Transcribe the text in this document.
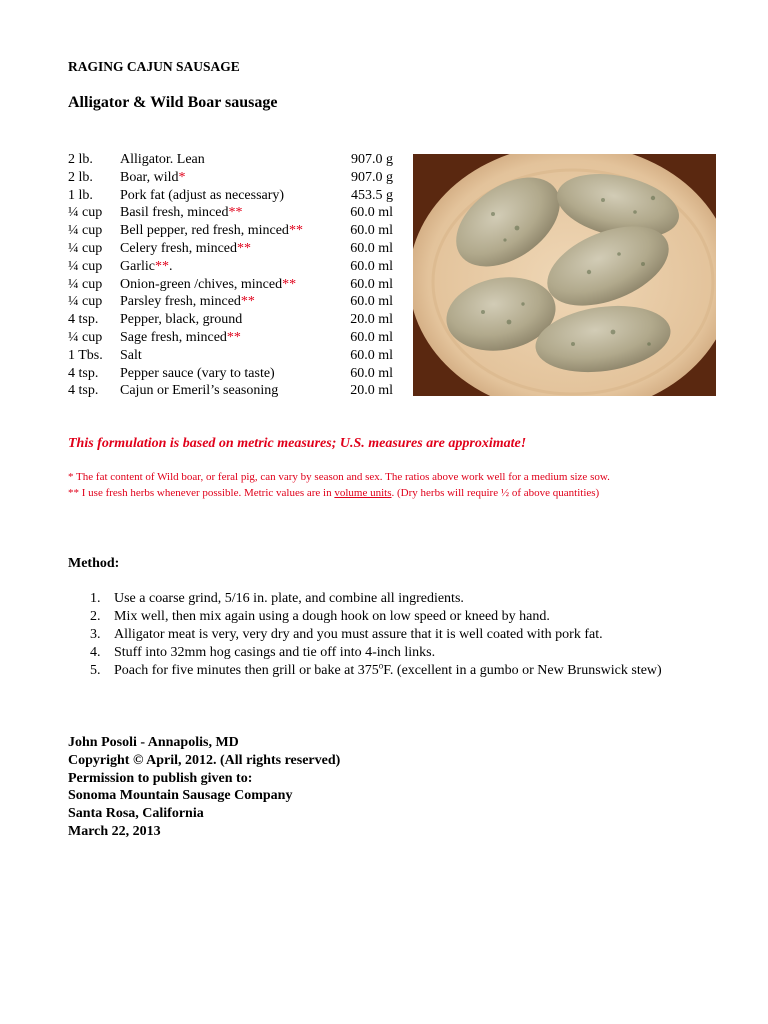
RAGING CAJUN SAUSAGE
Alligator & Wild Boar sausage
2 lb. Alligator. Lean	907.0 g
2 lb. Boar, wild*	907.0 g
1 lb. Pork fat (adjust as necessary)	453.5 g
¼ cup Basil fresh, minced**	60.0 ml
¼ cup Bell pepper, red fresh, minced**	60.0 ml
¼ cup Celery fresh, minced**	60.0 ml
¼ cup Garlic**.	60.0 ml
¼ cup Onion-green /chives, minced**	60.0 ml
¼ cup Parsley fresh, minced**	60.0 ml
4 tsp. Pepper, black, ground	20.0 ml
¼ cup Sage fresh, minced**	60.0 ml
1 Tbs. Salt	60.0 ml
4 tsp. Pepper sauce (vary to taste)	60.0 ml
4 tsp. Cajun or Emeril’s seasoning	20.0 ml
This formulation is based on metric measures; U.S. measures are approximate!
* The fat content of Wild boar, or feral pig, can vary by season and sex. The ratios above work well for a medium size sow.
** I use fresh herbs whenever possible. Metric values are in volume units. (Dry herbs will require ½ of above quantities)
Method:
1. Use a coarse grind, 5/16 in. plate, and combine all ingredients.
2. Mix well, then mix again using a dough hook on low speed or kneed by hand.
3. Alligator meat is very, very dry and you must assure that it is well coated with pork fat.
4. Stuff into 32mm hog casings and tie off into 4-inch links.
5. Poach for five minutes then grill or bake at 375$^o$F. (excellent in a gumbo or New Brunswick stew)
John Posoli - Annapolis, MD
Copyright © April, 2012. (All rights reserved)
Permission to publish given to:
Sonoma Mountain Sausage Company
Santa Rosa, California
March 22, 2013
